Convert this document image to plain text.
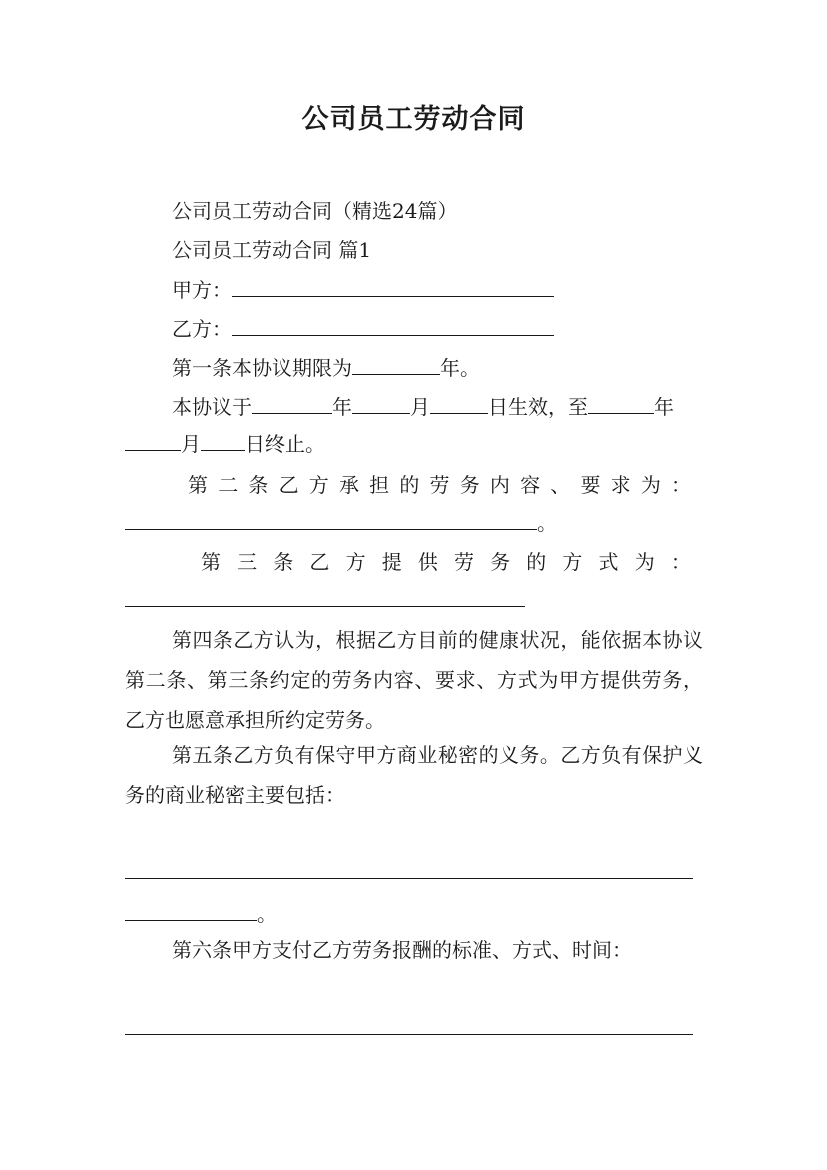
公司员工劳动合同
公司员工劳动合同（精选24篇）
公司员工劳动合同 篇1
甲方：
乙方：
第一条本协议期限为	年。
本协议于	年	月	日生效，至	年
月 日终止。
第 二 条 乙 方 承 担 的 劳 务 内 容 、 要 求 为 ：
。
第 三 条 乙 方 提 供 劳 务 的 方 式 为 ：
第四条乙方认为，根据乙方目前的健康状况，能依据本协议第二条、第三条约定的劳务内容、要求、方式为甲方提供劳务，乙方也愿意承担所约定劳务。
第五条乙方负有保守甲方商业秘密的义务。乙方负有保护义务的商业秘密主要包括：
。
第六条甲方支付乙方劳务报酬的标准、方式、时间：
